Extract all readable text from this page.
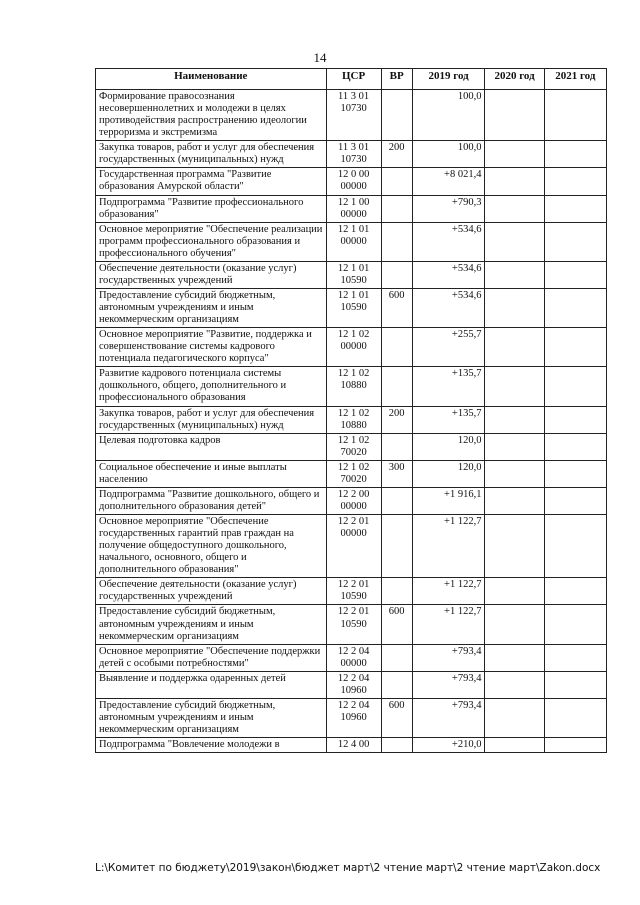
14
Наименование	ЦСР	ВР	2019 год	2020 год	2021 год
Формирование правосознания несовершеннолетних и молодежи в целях противодействия распространению идеологии терроризма и экстремизма	11 3 01 10730		100,0		
Закупка товаров, работ и услуг для обеспечения государственных (муниципальных) нужд	11 3 01 10730	200	100,0		
Государственная программа "Развитие образования Амурской области"	12 0 00 00000		+8 021,4		
Подпрограмма "Развитие профессионального образования"	12 1 00 00000		+790,3		
Основное мероприятие "Обеспечение реализации программ профессионального образования и профессионального обучения"	12 1 01 00000		+534,6		
Обеспечение деятельности (оказание услуг) государственных учреждений	12 1 01 10590		+534,6		
Предоставление субсидий бюджетным, автономным учреждениям и иным некоммерческим организациям	12 1 01 10590	600	+534,6		
Основное мероприятие "Развитие, поддержка и совершенствование системы кадрового потенциала педагогического корпуса"	12 1 02 00000		+255,7		
Развитие кадрового потенциала системы дошкольного, общего, дополнительного и профессионального образования	12 1 02 10880		+135,7		
Закупка товаров, работ и услуг для обеспечения государственных (муниципальных) нужд	12 1 02 10880	200	+135,7		
Целевая подготовка кадров	12 1 02 70020		120,0		
Социальное обеспечение и иные выплаты населению	12 1 02 70020	300	120,0		
Подпрограмма "Развитие дошкольного, общего и дополнительного образования детей"	12 2 00 00000		+1 916,1		
Основное мероприятие "Обеспечение государственных гарантий прав граждан на получение общедоступного дошкольного, начального, основного, общего и дополнительного образования"	12 2 01 00000		+1 122,7		
Обеспечение деятельности (оказание услуг) государственных учреждений	12 2 01 10590		+1 122,7		
Предоставление субсидий бюджетным, автономным учреждениям и иным некоммерческим организациям	12 2 01 10590	600	+1 122,7		
Основное мероприятие "Обеспечение поддержки детей с особыми потребностями"	12 2 04 00000		+793,4		
Выявление и поддержка одаренных детей	12 2 04 10960		+793,4		
Предоставление субсидий бюджетным, автономным учреждениям и иным некоммерческим организациям	12 2 04 10960	600	+793,4		
Подпрограмма "Вовлечение молодежи в	12 4 00		+210,0		
L:\Комитет по бюджету\2019\закон\бюджет март\2 чтение март\2 чтение март\Zakon.docx
